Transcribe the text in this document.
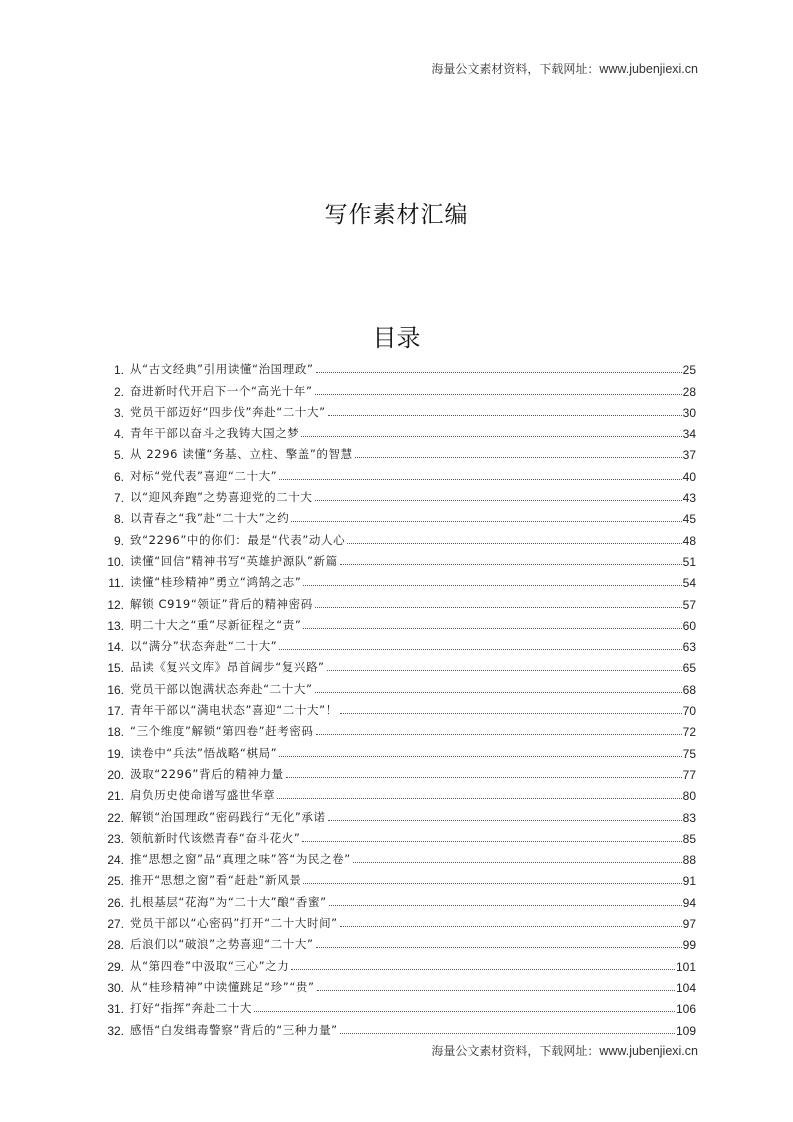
海量公文素材资料，下载网址：www.jubenjiexi.cn
写作素材汇编
目录
1. 从“古文经典”引用读懂“治国理政”	25
2. 奋进新时代开启下一个“高光十年”	28
3. 党员干部迈好“四步伐”奔赴“二十大”	30
4. 青年干部以奋斗之我铸大国之梦	34
5. 从 2296 读懂“务基、立柱、擎盖”的智慧	37
6. 对标“党代表”喜迎“二十大”	40
7. 以“迎风奔跑”之势喜迎党的二十大	43
8. 以青春之“我”赴“二十大”之约	45
9. 致“2296”中的你们：最是“代表”动人心	48
10. 读懂“回信”精神书写“英雄护源队”新篇	51
11. 读懂“桂珍精神”勇立“鸿鹄之志”	54
12. 解锁 C919“领证”背后的精神密码	57
13. 明二十大之“重”尽新征程之“责”	60
14. 以“满分”状态奔赴“二十大”	63
15. 品读《复兴文库》昂首阔步“复兴路”	65
16. 党员干部以饱满状态奔赴“二十大”	68
17. 青年干部以“满电状态”喜迎“二十大”！	70
18. “三个维度”解锁“第四卷”赶考密码	72
19. 读卷中“兵法”悟战略“棋局”	75
20. 汲取“2296”背后的精神力量	77
21. 肩负历史使命谱写盛世华章	80
22. 解锁“治国理政”密码践行“无化”承诺	83
23. 领航新时代该燃青春“奋斗花火”	85
24. 推“思想之窗”品“真理之味”答“为民之卷”	88
25. 推开“思想之窗”看“赶赴”新风景	91
26. 扎根基层“花海”为“二十大”酿“香蜜”	94
27. 党员干部以“心密码”打开“二十大时间”	97
28. 后浪们以“破浪”之势喜迎“二十大”	99
29. 从“第四卷”中汲取“三心”之力	101
30. 从“桂珍精神”中读懂跳足“珍”“贵”	104
31. 打好“指挥”奔赴二十大	106
32. 感悟“白发缉毒警察”背后的“三种力量”	109
海量公文素材资料，下载网址：www.jubenjiexi.cn
